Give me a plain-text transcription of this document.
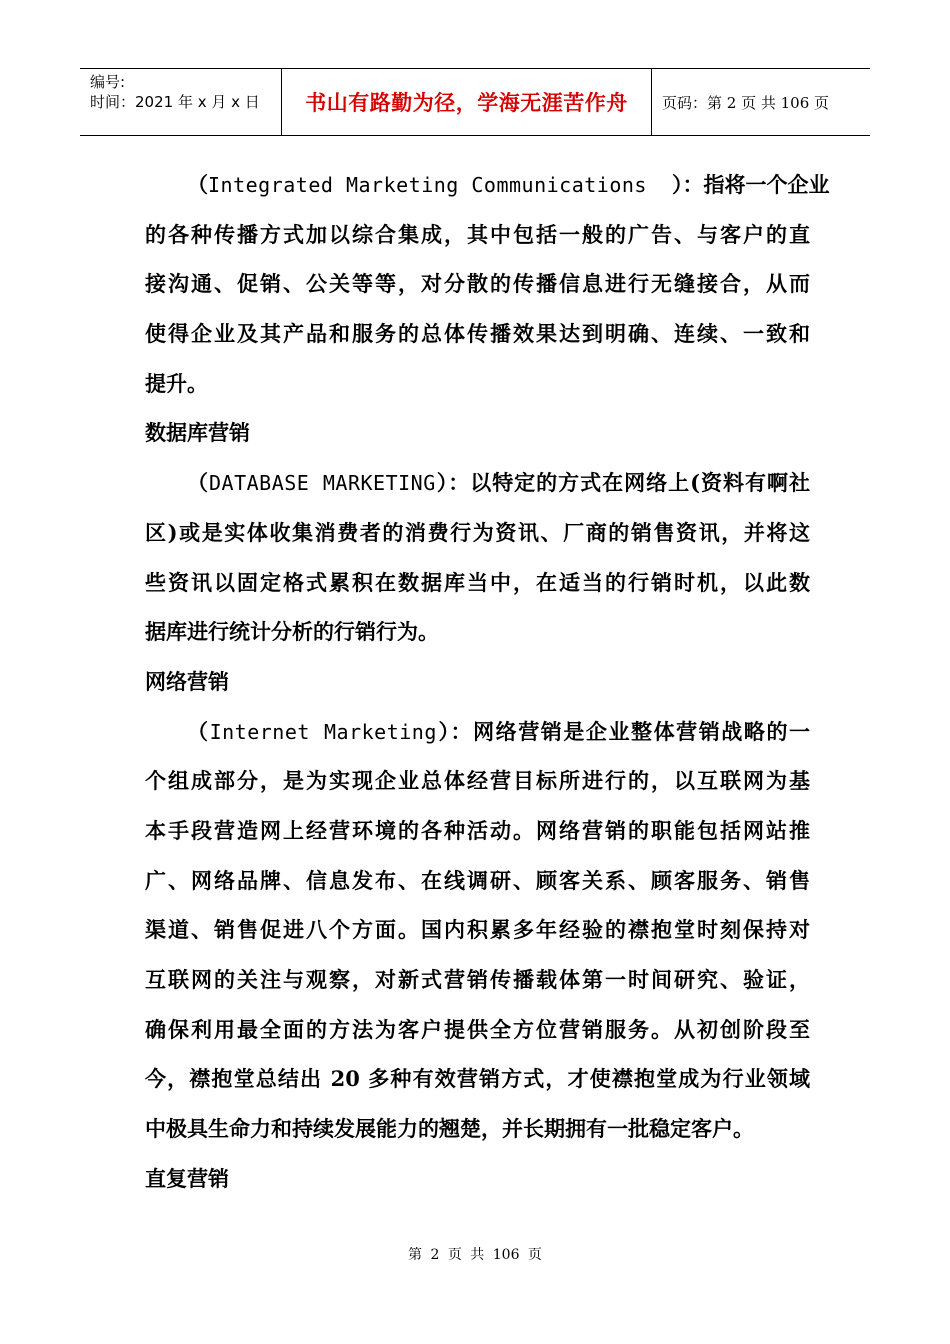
编号:
时间：2021 年 x 月 x 日	书山有路勤为径，学海无涯苦作舟	页码：第 2 页 共 106 页
（Integrated Marketing Communications  ）：指将一个企业
的各种传播方式加以综合集成，其中包括一般的广告、与客户的直
接沟通、促销、公关等等，对分散的传播信息进行无缝接合，从而
使得企业及其产品和服务的总体传播效果达到明确、连续、一致和
提升。
数据库营销
（DATABASE MARKETING）：以特定的方式在网络上(资料有啊社
区)或是实体收集消费者的消费行为资讯、厂商的销售资讯，并将这
些资讯以固定格式累积在数据库当中，在适当的行销时机，以此数
据库进行统计分析的行销行为。
网络营销
（Internet Marketing）：网络营销是企业整体营销战略的一
个组成部分，是为实现企业总体经营目标所进行的，以互联网为基
本手段营造网上经营环境的各种活动。网络营销的职能包括网站推
广、网络品牌、信息发布、在线调研、顾客关系、顾客服务、销售
渠道、销售促进八个方面。国内积累多年经验的襟抱堂时刻保持对
互联网的关注与观察，对新式营销传播载体第一时间研究、验证，
确保利用最全面的方法为客户提供全方位营销服务。从初创阶段至
今，襟抱堂总结出 20 多种有效营销方式，才使襟抱堂成为行业领域
中极具生命力和持续发展能力的翘楚，并长期拥有一批稳定客户。
直复营销
第 2 页 共 106 页
